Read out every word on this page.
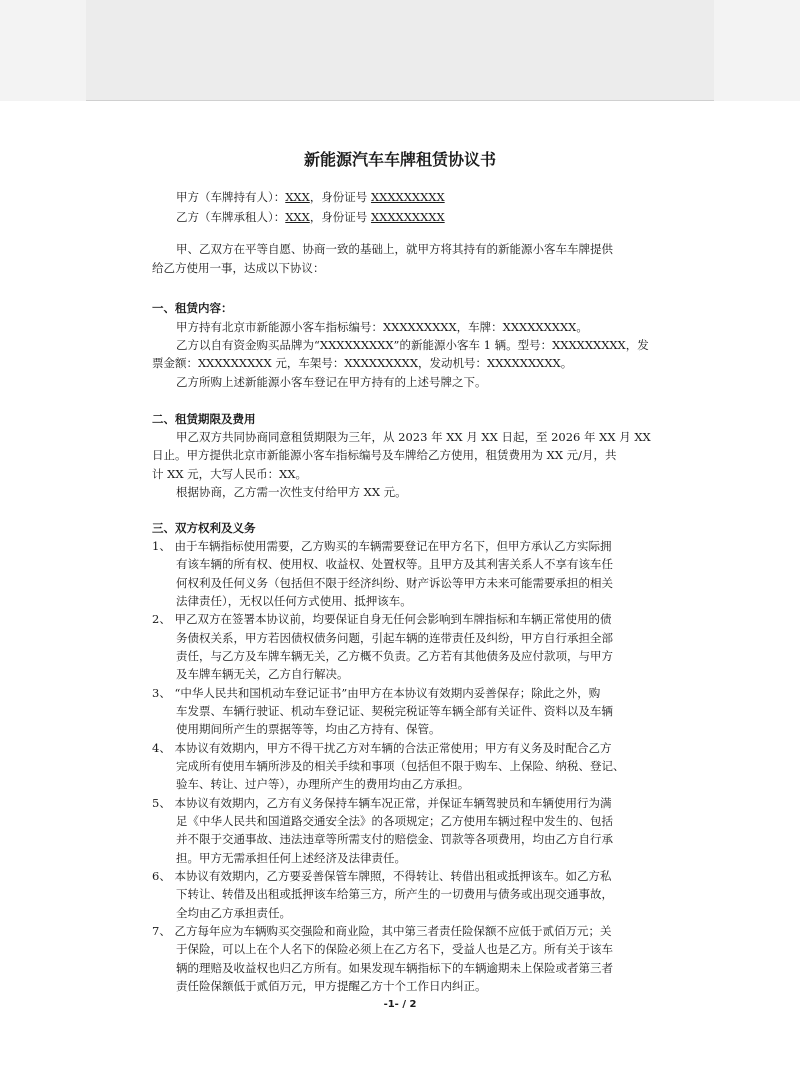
新能源汽车车牌租赁协议书
甲方（车牌持有人）：XXX，身份证号 XXXXXXXXX
乙方（车牌承租人）：XXX，身份证号 XXXXXXXXX
甲、乙双方在平等自愿、协商一致的基础上，就甲方将其持有的新能源小客车车牌提供
给乙方使用一事，达成以下协议：
一、租赁内容：
甲方持有北京市新能源小客车指标编号：XXXXXXXXX，车牌：XXXXXXXXX。
乙方以自有资金购买品牌为“XXXXXXXXX”的新能源小客车 1 辆。型号：XXXXXXXXX，发
票金额：XXXXXXXXX 元，车架号：XXXXXXXXX，发动机号：XXXXXXXXX。
乙方所购上述新能源小客车登记在甲方持有的上述号牌之下。
二、租赁期限及费用
甲乙双方共同协商同意租赁期限为三年，从 2023 年 XX 月 XX 日起，至 2026 年 XX 月 XX
日止。甲方提供北京市新能源小客车指标编号及车牌给乙方使用，租赁费用为 XX 元/月，共
计 XX 元，大写人民币：XX。
根据协商，乙方需一次性支付给甲方 XX 元。
三、双方权利及义务
1、 由于车辆指标使用需要，乙方购买的车辆需要登记在甲方名下，但甲方承认乙方实际拥
有该车辆的所有权、使用权、收益权、处置权等。且甲方及其利害关系人不享有该车任
何权利及任何义务（包括但不限于经济纠纷、财产诉讼等甲方未来可能需要承担的相关
法律责任），无权以任何方式使用、抵押该车。
2、 甲乙双方在签署本协议前，均要保证自身无任何会影响到车牌指标和车辆正常使用的债
务债权关系，甲方若因债权债务问题，引起车辆的连带责任及纠纷，甲方自行承担全部
责任，与乙方及车牌车辆无关，乙方概不负责。乙方若有其他债务及应付款项，与甲方
及车牌车辆无关，乙方自行解决。
3、 “中华人民共和国机动车登记证书”由甲方在本协议有效期内妥善保存；除此之外，购
车发票、车辆行驶证、机动车登记证、契税完税证等车辆全部有关证件、资料以及车辆
使用期间所产生的票据等等，均由乙方持有、保管。
4、 本协议有效期内，甲方不得干扰乙方对车辆的合法正常使用；甲方有义务及时配合乙方
完成所有使用车辆所涉及的相关手续和事项（包括但不限于购车、上保险、纳税、登记、
验车、转让、过户等），办理所产生的费用均由乙方承担。
5、 本协议有效期内，乙方有义务保持车辆车况正常，并保证车辆驾驶员和车辆使用行为满
足《中华人民共和国道路交通安全法》的各项规定；乙方使用车辆过程中发生的、包括
并不限于交通事故、违法违章等所需支付的赔偿金、罚款等各项费用，均由乙方自行承
担。甲方无需承担任何上述经济及法律责任。
6、 本协议有效期内，乙方要妥善保管车牌照，不得转让、转借出租或抵押该车。如乙方私
下转让、转借及出租或抵押该车给第三方，所产生的一切费用与债务或出现交通事故，
全均由乙方承担责任。
7、 乙方每年应为车辆购买交强险和商业险，其中第三者责任险保额不应低于贰佰万元；关
于保险，可以上在个人名下的保险必须上在乙方名下，受益人也是乙方。所有关于该车
辆的理赔及收益权也归乙方所有。如果发现车辆指标下的车辆逾期未上保险或者第三者
责任险保额低于贰佰万元，甲方提醒乙方十个工作日内纠正。
-1- / 2
